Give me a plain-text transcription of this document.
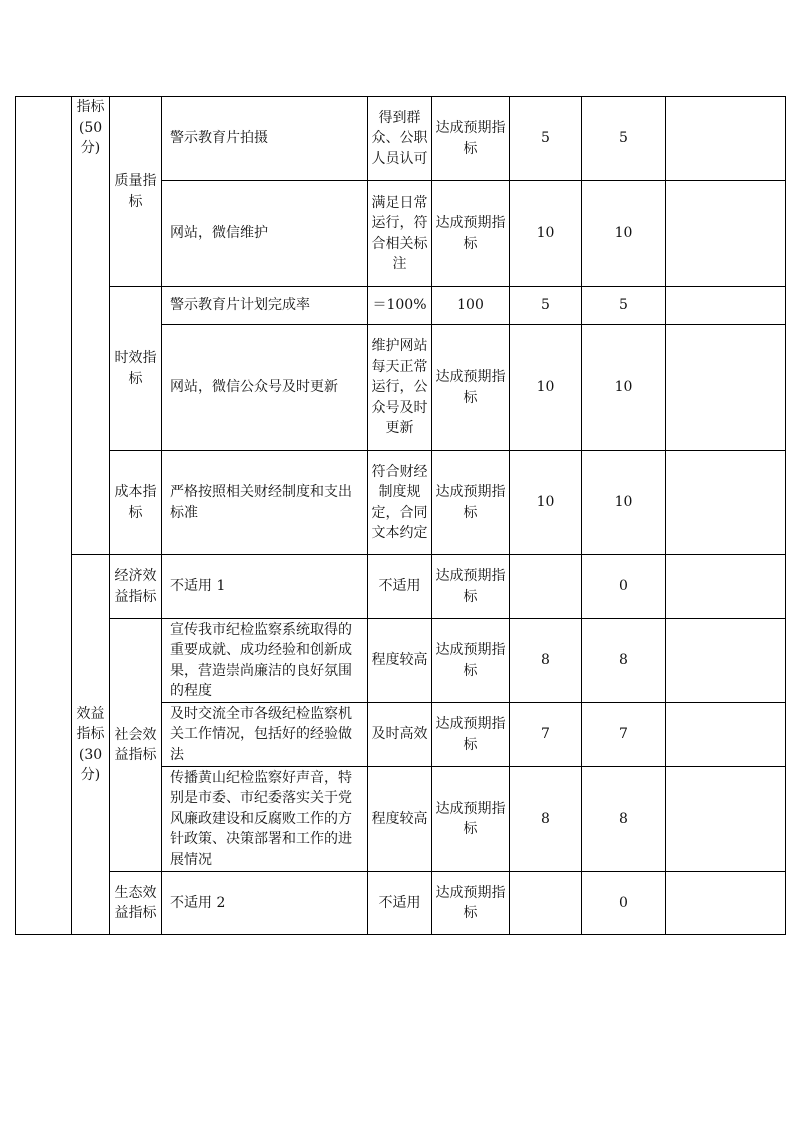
	指标(50分)	质量指标	警示教育片拍摄	得到群众、公职人员认可	达成预期指标	5	5	
			网站，微信维护	满足日常运行，符合相关标注	达成预期指标	10	10	
		时效指标	警示教育片计划完成率	＝100%	100	5	5	
			网站，微信公众号及时更新	维护网站每天正常运行，公众号及时更新	达成预期指标	10	10	
		成本指标	严格按照相关财经制度和支出标准	符合财经制度规定，合同文本约定	达成预期指标	10	10	
	效益指标(30分)	经济效益指标	不适用 1	不适用	达成预期指标		0	
		社会效益指标	宣传我市纪检监察系统取得的重要成就、成功经验和创新成果，营造崇尚廉洁的良好氛围的程度	程度较高	达成预期指标	8	8	
			及时交流全市各级纪检监察机关工作情况，包括好的经验做法	及时高效	达成预期指标	7	7	
			传播黄山纪检监察好声音，特别是市委、市纪委落实关于党风廉政建设和反腐败工作的方针政策、决策部署和工作的进展情况	程度较高	达成预期指标	8	8	
		生态效益指标	不适用 2	不适用	达成预期指标		0	
